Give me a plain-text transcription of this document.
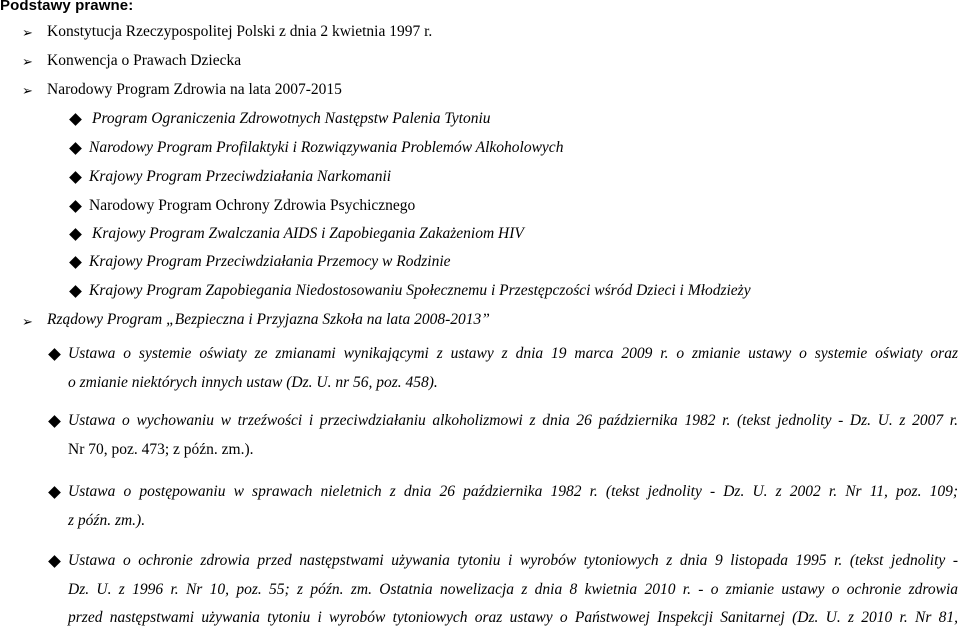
Podstawy prawne:
➢ Konstytucja Rzeczypospolitej Polski z dnia 2 kwietnia 1997 r.
➢ Konwencja o Prawach Dziecka
➢ Narodowy Program Zdrowia na lata 2007-2015
Program Ograniczenia Zdrowotnych Następstw Palenia Tytoniu
Narodowy Program Profilaktyki i Rozwiązywania Problemów Alkoholowych
Krajowy Program Przeciwdziałania Narkomanii
Narodowy Program Ochrony Zdrowia Psychicznego
Krajowy Program Zwalczania AIDS i Zapobiegania Zakażeniom HIV
Krajowy Program Przeciwdziałania Przemocy w Rodzinie
Krajowy Program Zapobiegania Niedostosowaniu Społecznemu i Przestępczości wśród Dzieci i Młodzieży
➢ Rządowy Program „Bezpieczna i Przyjazna Szkoła na lata 2008-2013”
Ustawa o systemie oświaty ze zmianami wynikającymi z ustawy z dnia 19 marca 2009 r. o zmianie ustawy o systemie oświaty oraz
o zmianie niektórych innych ustaw (Dz. U. nr 56, poz. 458).
Ustawa o wychowaniu w trzeźwości i przeciwdziałaniu alkoholizmowi z dnia 26 października 1982 r. (tekst jednolity - Dz. U. z 2007 r.
Nr 70, poz. 473; z późn. zm.).
Ustawa o postępowaniu w sprawach nieletnich z dnia 26 października 1982 r. (tekst jednolity - Dz. U. z 2002 r. Nr 11, poz. 109;
z późn. zm.).
Ustawa o ochronie zdrowia przed następstwami używania tytoniu i wyrobów tytoniowych z dnia 9 listopada 1995 r. (tekst jednolity -
Dz. U. z 1996 r. Nr 10, poz. 55; z późn. zm. Ostatnia nowelizacja z dnia 8 kwietnia 2010 r. - o zmianie ustawy o ochronie zdrowia
przed następstwami używania tytoniu i wyrobów tytoniowych oraz ustawy o Państwowej Inspekcji Sanitarnej (Dz. U. z 2010 r. Nr 81,
